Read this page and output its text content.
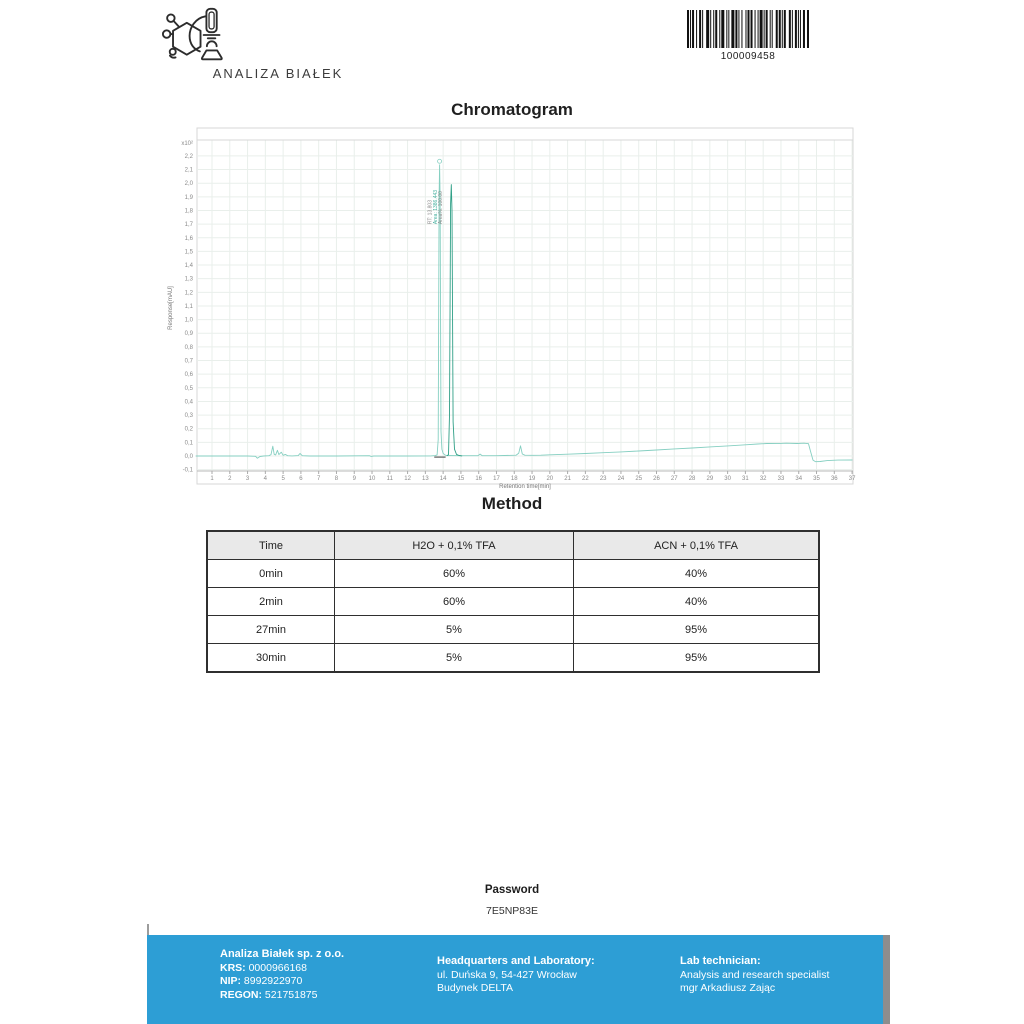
ANALIZA BIAŁEK
100009458
Chromatogram
-0,1
0,0
0,1
0,2
0,3
0,4
0,5
0,6
0,7
0,8
0,9
1,0
1,1
1,2
1,3
1,4
1,5
1,6
1,7
1,8
1,9
2,0
2,1
2,2
x10²
1 2 3 4 5 6 7 8 9 10 11 12 13 14 15 16 17 18 19 20 21 22 23 24 25 26 27 28 29 30 31 32 33 34 35 36 37
Retention time[min]
Response[mAU]
RT: 13.803 Area: 1386.443 Area%: 100.00
Method
Time	H2O + 0,1% TFA	ACN + 0,1% TFA
0min	60%	40%
2min	60%	40%
27min	5%	95%
30min	5%	95%
Password
7E5NP83E
Analiza Białek sp. z o.o.
KRS: 0000966168
NIP: 8992922970
REGON: 521751875
Headquarters and Laboratory:
ul. Duńska 9, 54-427 Wrocław
Budynek DELTA
Lab technician:
Analysis and research specialist
mgr Arkadiusz Zając
